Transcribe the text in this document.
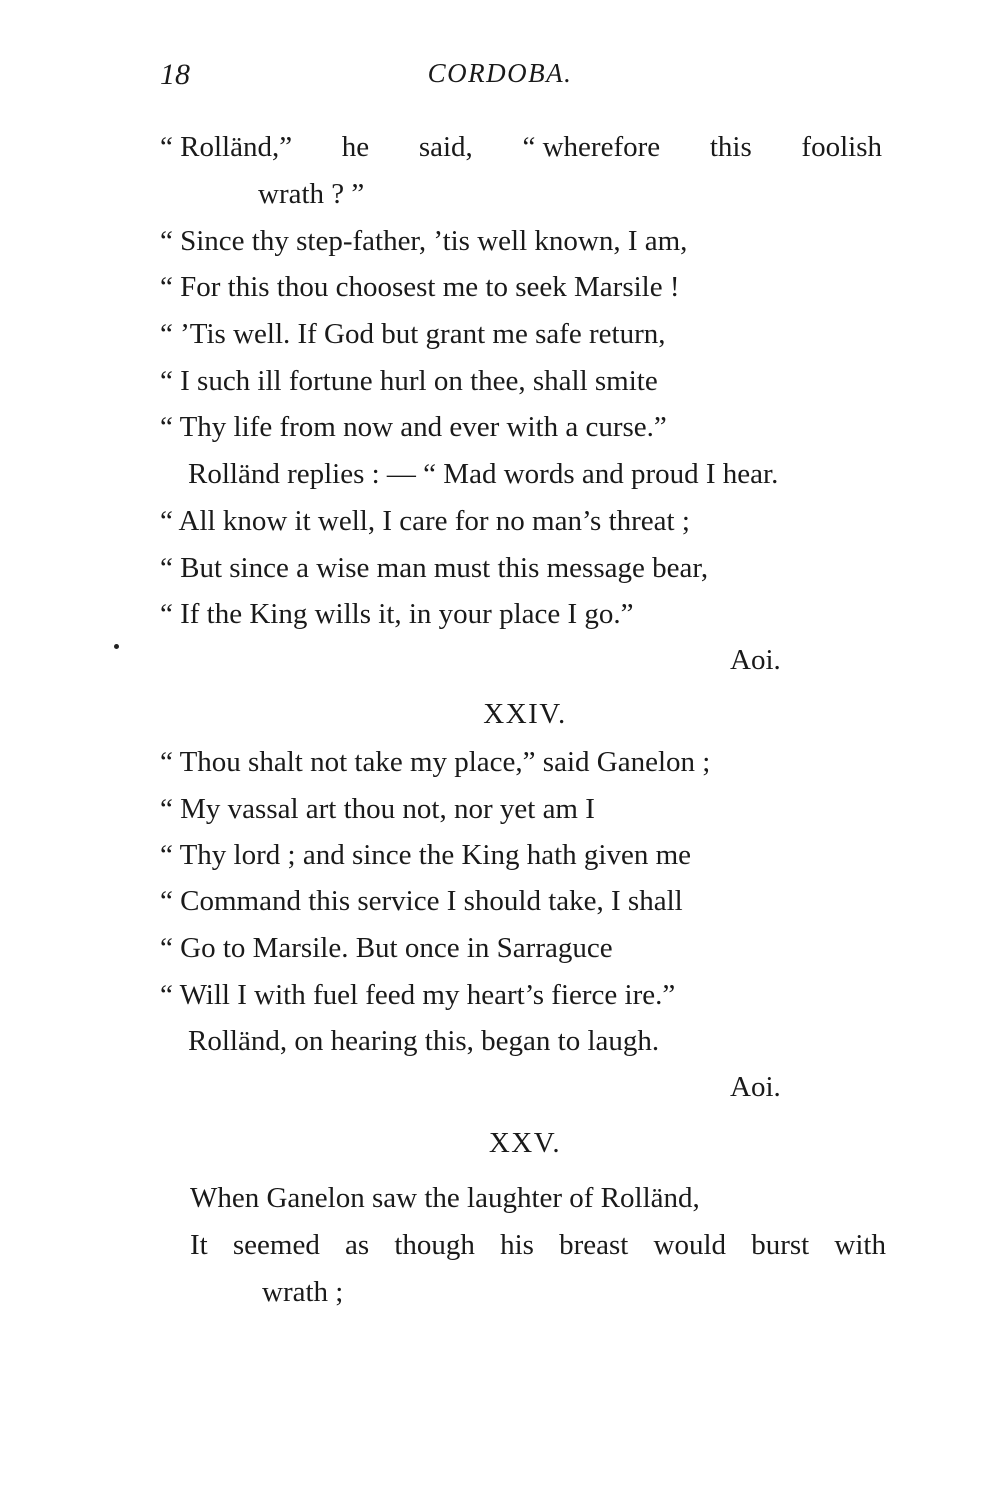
18	CORDOBA.
“ Rolländ,” he said, “ wherefore this foolish
wrath ? ”
“ Since thy step-father, ’tis well known, I am,
“ For this thou choosest me to seek Marsile !
“ ’Tis well. If God but grant me safe return,
“ I such ill fortune hurl on thee, shall smite
“ Thy life from now and ever with a curse.”
Rolländ replies : — “ Mad words and proud I hear.
“ All know it well, I care for no man’s threat ;
“ But since a wise man must this message bear,
“ If the King wills it, in your place I go.”
Aoi.
XXIV.
“ Thou shalt not take my place,” said Ganelon ;
“ My vassal art thou not, nor yet am I
“ Thy lord ; and since the King hath given me
“ Command this service I should take, I shall
“ Go to Marsile. But once in Sarraguce
“ Will I with fuel feed my heart’s fierce ire.”
Rolländ, on hearing this, began to laugh.
Aoi.
XXV.
When Ganelon saw the laughter of Rolländ,
It seemed as though his breast would burst with
wrath ;
